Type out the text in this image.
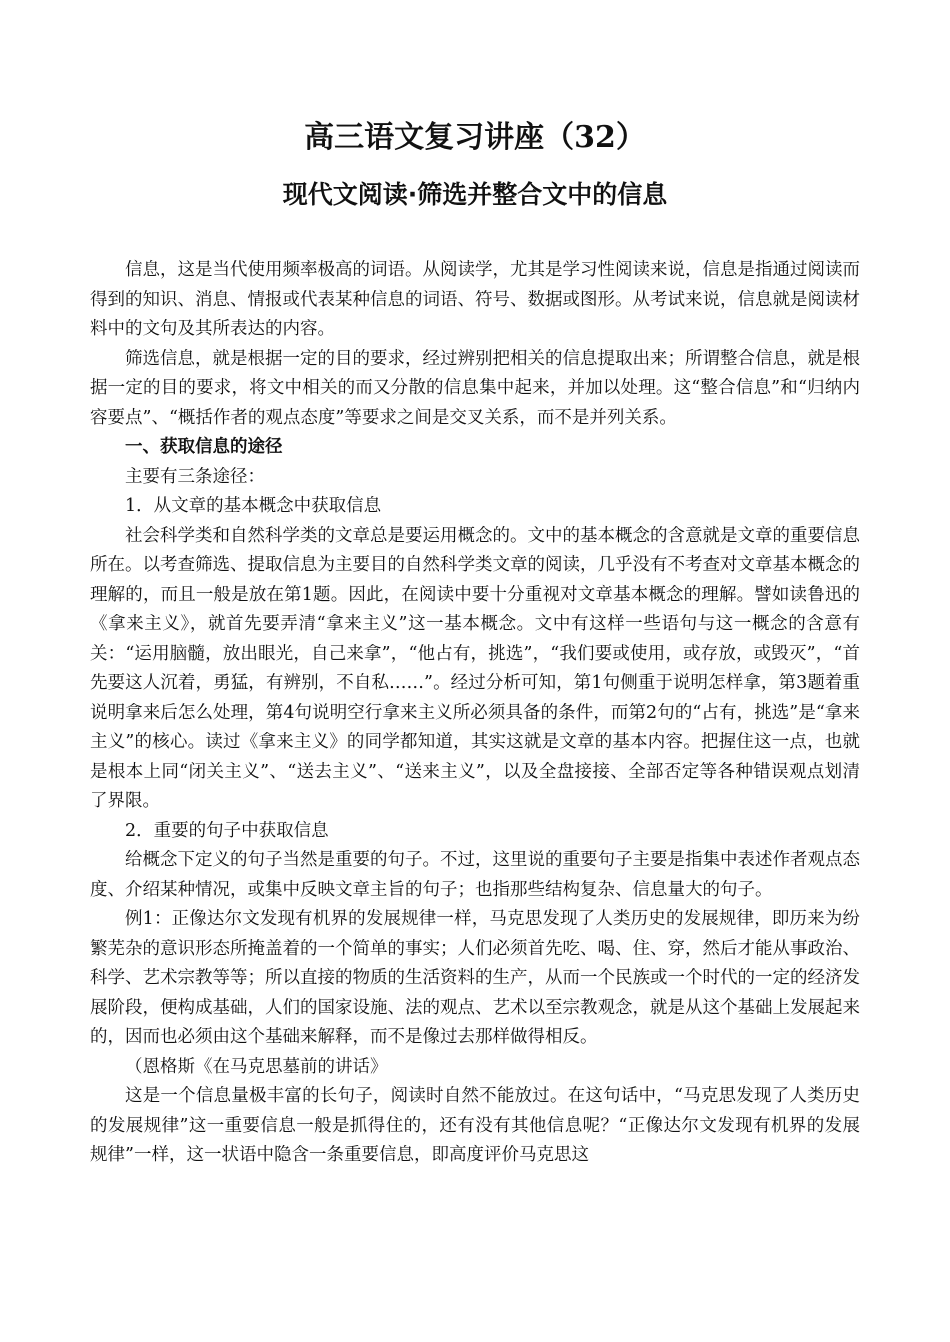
高三语文复习讲座（32）
现代文阅读·筛选并整合文中的信息

信息，这是当代使用频率极高的词语。从阅读学，尤其是学习性阅读来说，信息是指通过阅读而得到的知识、消息、情报或代表某种信息的词语、符号、数据或图形。从考试来说，信息就是阅读材料中的文句及其所表达的内容。

筛选信息，就是根据一定的目的要求，经过辨别把相关的信息提取出来；所谓整合信息，就是根据一定的目的要求，将文中相关的而又分散的信息集中起来，并加以处理。这“整合信息”和“归纳内容要点”、“概括作者的观点态度”等要求之间是交叉关系，而不是并列关系。

一、获取信息的途径

主要有三条途径：

1．从文章的基本概念中获取信息

社会科学类和自然科学类的文章总是要运用概念的。文中的基本概念的含意就是文章的重要信息所在。以考查筛选、提取信息为主要目的自然科学类文章的阅读，几乎没有不考查对文章基本概念的理解的，而且一般是放在第1题。因此，在阅读中要十分重视对文章基本概念的理解。譬如读鲁迅的《拿来主义》，就首先要弄清“拿来主义”这一基本概念。文中有这样一些语句与这一概念的含意有关：“运用脑髓，放出眼光，自己来拿”，“他占有，挑选”，“我们要或使用，或存放，或毁灭”，“首先要这人沉着，勇猛，有辨别，不自私……”。经过分析可知，第1句侧重于说明怎样拿，第3题着重说明拿来后怎么处理，第4句说明空行拿来主义所必须具备的条件，而第2句的“占有，挑选”是“拿来主义”的核心。读过《拿来主义》的同学都知道，其实这就是文章的基本内容。把握住这一点，也就是根本上同“闭关主义”、“送去主义”、“送来主义”，以及全盘接接、全部否定等各种错误观点划清了界限。

2．重要的句子中获取信息

给概念下定义的句子当然是重要的句子。不过，这里说的重要句子主要是指集中表述作者观点态度、介绍某种情况，或集中反映文章主旨的句子；也指那些结构复杂、信息量大的句子。

例1：正像达尔文发现有机界的发展规律一样，马克思发现了人类历史的发展规律，即历来为纷繁芜杂的意识形态所掩盖着的一个简单的事实；人们必须首先吃、喝、住、穿，然后才能从事政治、科学、艺术宗教等等；所以直接的物质的生活资料的生产，从而一个民族或一个时代的一定的经济发展阶段，便构成基础，人们的国家设施、法的观点、艺术以至宗教观念，就是从这个基础上发展起来的，因而也必须由这个基础来解释，而不是像过去那样做得相反。

（恩格斯《在马克思墓前的讲话》

这是一个信息量极丰富的长句子，阅读时自然不能放过。在这句话中，“马克思发现了人类历史的发展规律”这一重要信息一般是抓得住的，还有没有其他信息呢？“正像达尔文发现有机界的发展规律”一样，这一状语中隐含一条重要信息，即高度评价马克思这
